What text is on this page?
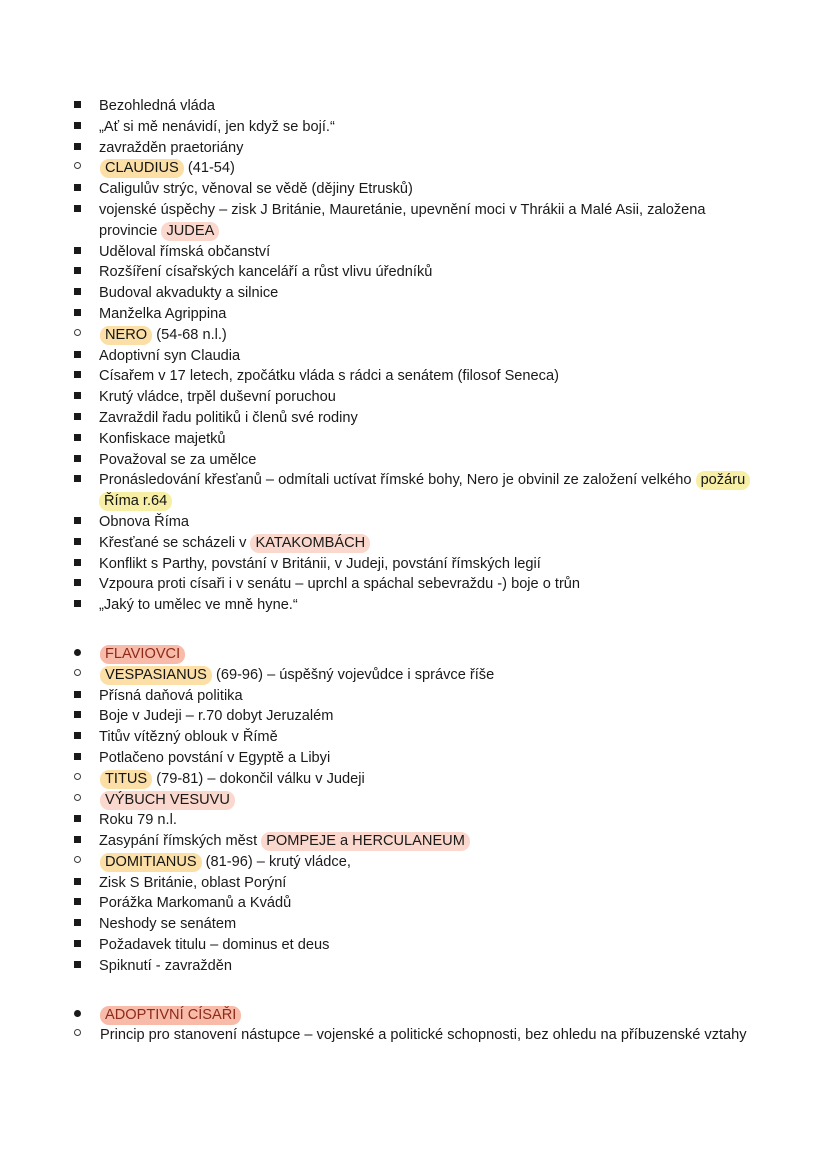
Bezohledná vláda
„Ať si mě nenávidí, jen když se bojí.“
zavražděn praetoriány
CLAUDIUS (41-54)
Caligulův strýc, věnoval se vědě (dějiny Etrusků)
vojenské úspěchy – zisk J Británie, Mauretánie, upevnění moci v Thrákii a Malé Asii, založena provincie JUDEA
Uděloval římská občanství
Rozšíření císařských kanceláří a růst vlivu úředníků
Budoval akvadukty a silnice
Manželka Agrippina
NERO (54-68 n.l.)
Adoptivní syn Claudia
Císařem v 17 letech, zpočátku vláda s rádci a senátem (filosof Seneca)
Krutý vládce, trpěl duševní poruchou
Zavraždil řadu politiků i členů své rodiny
Konfiskace majetků
Považoval se za umělce
Pronásledování křesťanů – odmítali uctívat římské bohy, Nero je obvinil ze založení velkého požáru Říma r.64
Obnova Říma
Křesťané se scházeli v KATAKOMBÁCH
Konflikt s Parthy, povstání v Británii, v Judeji, povstání římských legií
Vzpoura proti císaři i v senátu – uprchl a spáchal sebevraždu -) boje o trůn
„Jaký to umělec ve mně hyne.“
FLAVIOVCI
VESPASIANUS (69-96) – úspěšný vojevůdce i správce říše
Přísná daňová politika
Boje v Judeji – r.70 dobyt Jeruzalém
Titův vítězný oblouk v Římě
Potlačeno povstání v Egyptě a Libyi
TITUS (79-81) – dokončil válku v Judeji
VÝBUCH VESUVU
Roku 79 n.l.
Zasypání římských měst POMPEJE a HERCULANEUM
DOMITIANUS (81-96) – krutý vládce,
Zisk S Británie, oblast Porýní
Porážka Markomanů a Kvádů
Neshody se senátem
Požadavek titulu – dominus et deus
Spiknutí - zavražděn
ADOPTIVNÍ CÍSAŘI
Princip pro stanovení nástupce – vojenské a politické schopnosti, bez ohledu na příbuzenské vztahy
